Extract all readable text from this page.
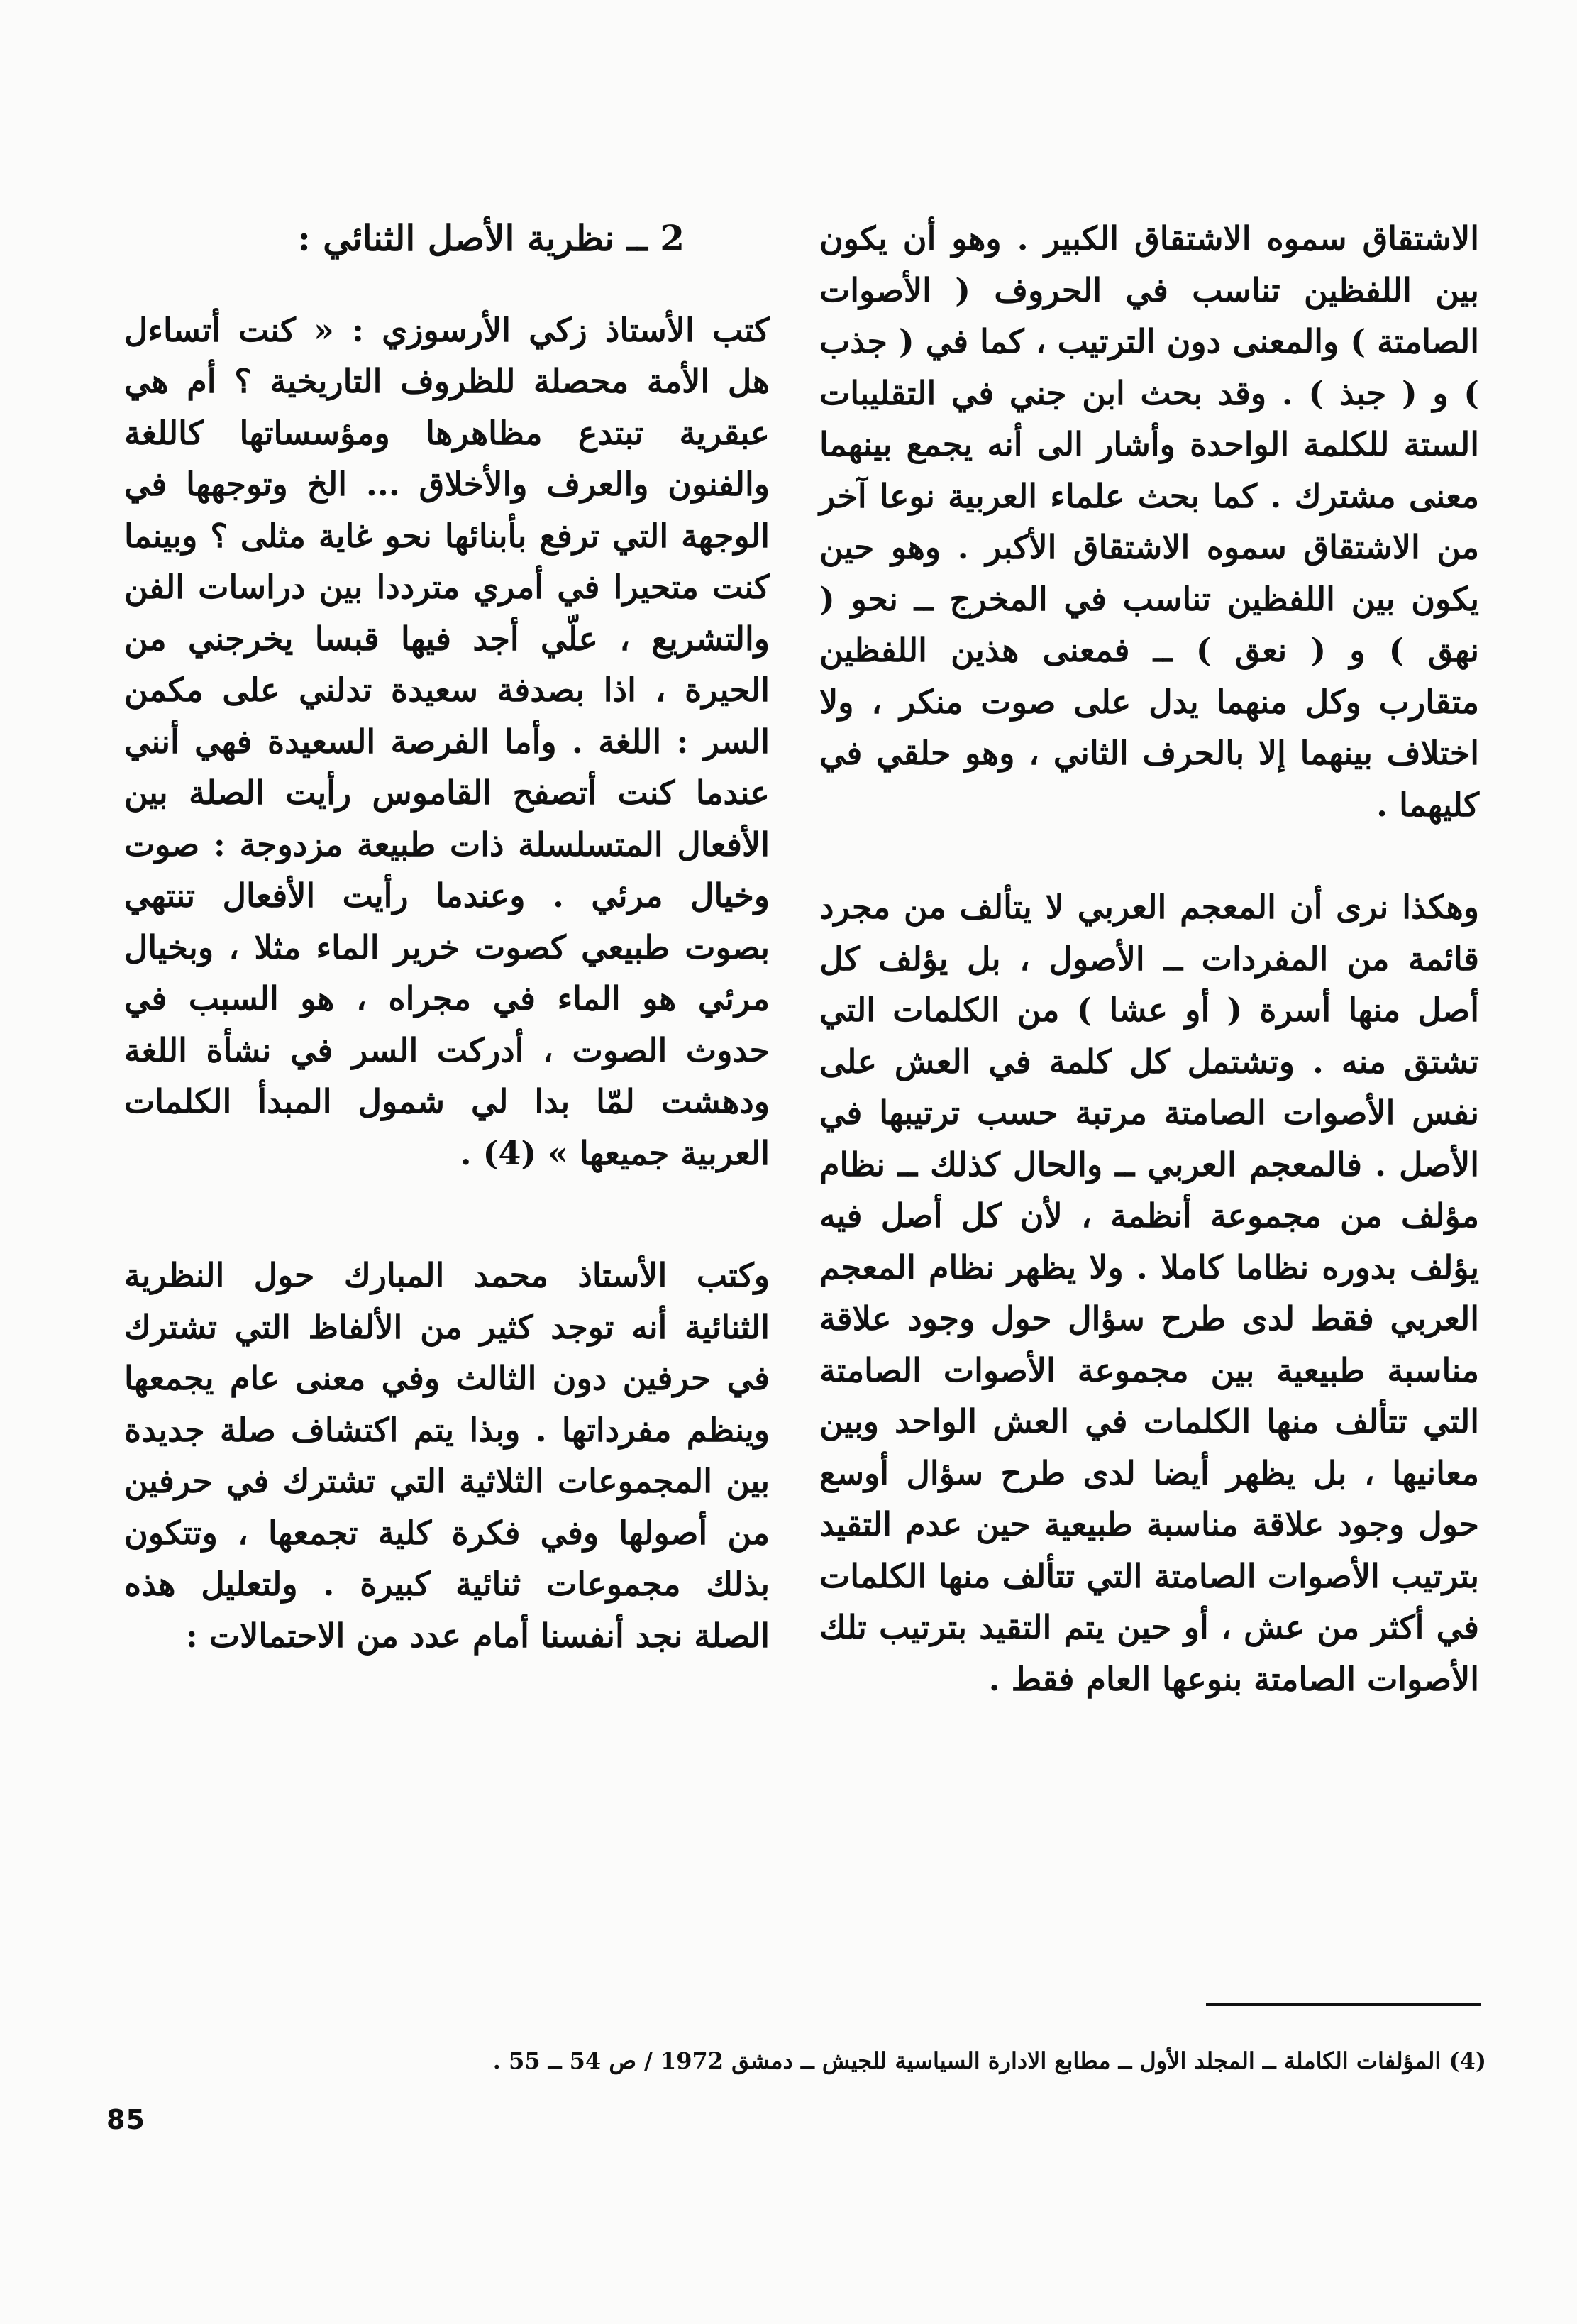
الاشتقاق سموه الاشتقاق الكبير . وهو أن يكون بين اللفظين تناسب في الحروف ( الأصوات الصامتة ) والمعنى دون الترتيب ، كما في ( جذب ) و ( جبذ ) . وقد بحث ابن جني في التقليبات الستة للكلمة الواحدة وأشار الى أنه يجمع بينهما معنى مشترك . كما بحث علماء العربية نوعا آخر من الاشتقاق سموه الاشتقاق الأكبر . وهو حين يكون بين اللفظين تناسب في المخرج ــ نحو ( نهق ) و ( نعق ) ــ فمعنى هذين اللفظين متقارب وكل منهما يدل على صوت منكر ، ولا اختلاف بينهما إلا بالحرف الثاني ، وهو حلقي في كليهما .

وهكذا نرى أن المعجم العربي لا يتألف من مجرد قائمة من المفردات ــ الأصول ، بل يؤلف كل أصل منها أسرة ( أو عشا ) من الكلمات التي تشتق منه . وتشتمل كل كلمة في العش على نفس الأصوات الصامتة مرتبة حسب ترتيبها في الأصل . فالمعجم العربي ــ والحال كذلك ــ نظام مؤلف من مجموعة أنظمة ، لأن كل أصل فيه يؤلف بدوره نظاما كاملا . ولا يظهر نظام المعجم العربي فقط لدى طرح سؤال حول وجود علاقة مناسبة طبيعية بين مجموعة الأصوات الصامتة التي تتألف منها الكلمات في العش الواحد وبين معانيها ، بل يظهر أيضا لدى طرح سؤال أوسع حول وجود علاقة مناسبة طبيعية حين عدم التقيد بترتيب الأصوات الصامتة التي تتألف منها الكلمات في أكثر من عش ، أو حين يتم التقيد بترتيب تلك الأصوات الصامتة بنوعها العام فقط .

2 ــ نظرية الأصل الثنائي :

كتب الأستاذ زكي الأرسوزي : « كنت أتساءل هل الأمة محصلة للظروف التاريخية ؟ أم هي عبقرية تبتدع مظاهرها ومؤسساتها كاللغة والفنون والعرف والأخلاق ... الخ وتوجهها في الوجهة التي ترفع بأبنائها نحو غاية مثلى ؟ وبينما كنت متحيرا في أمري مترددا بين دراسات الفن والتشريع ، علّي أجد فيها قبسا يخرجني من الحيرة ، اذا بصدفة سعيدة تدلني على مكمن السر : اللغة . وأما الفرصة السعيدة فهي أنني عندما كنت أتصفح القاموس رأيت الصلة بين الأفعال المتسلسلة ذات طبيعة مزدوجة : صوت وخيال مرئي . وعندما رأيت الأفعال تنتهي بصوت طبيعي كصوت خرير الماء مثلا ، وبخيال مرئي هو الماء في مجراه ، هو السبب في حدوث الصوت ، أدركت السر في نشأة اللغة ودهشت لمّا بدا لي شمول المبدأ الكلمات العربية جميعها » (4) .

وكتب الأستاذ محمد المبارك حول النظرية الثنائية أنه توجد كثير من الألفاظ التي تشترك في حرفين دون الثالث وفي معنى عام يجمعها وينظم مفرداتها . وبذا يتم اكتشاف صلة جديدة بين المجموعات الثلاثية التي تشترك في حرفين من أصولها وفي فكرة كلية تجمعها ، وتتكون بذلك مجموعات ثنائية كبيرة . ولتعليل هذه الصلة نجد أنفسنا أمام عدد من الاحتمالات :

(4) المؤلفات الكاملة ــ المجلد الأول ــ مطابع الادارة السياسية للجيش ــ دمشق 1972 / ص 54 ــ 55 .
85
